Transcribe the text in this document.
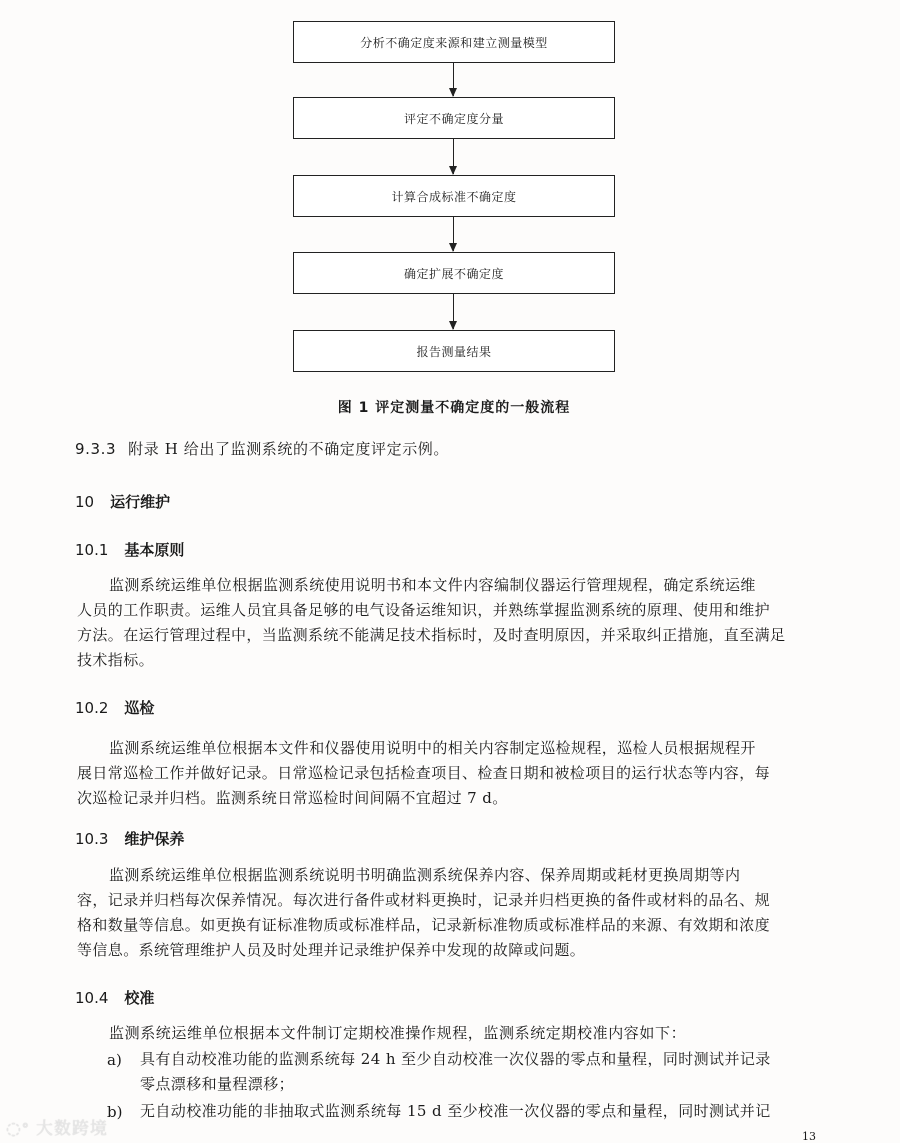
分析不确定度来源和建立测量模型
评定不确定度分量
计算合成标准不确定度
确定扩展不确定度
报告测量结果
图 1 评定测量不确定度的一般流程
9.3.3 附录 H 给出了监测系统的不确定度评定示例。
10 运行维护
10.1 基本原则
监测系统运维单位根据监测系统使用说明书和本文件内容编制仪器运行管理规程，确定系统运维
人员的工作职责。运维人员宜具备足够的电气设备运维知识，并熟练掌握监测系统的原理、使用和维护
方法。在运行管理过程中，当监测系统不能满足技术指标时，及时查明原因，并采取纠正措施，直至满足
技术指标。
10.2 巡检
监测系统运维单位根据本文件和仪器使用说明中的相关内容制定巡检规程，巡检人员根据规程开
展日常巡检工作并做好记录。日常巡检记录包括检查项目、检查日期和被检项目的运行状态等内容，每
次巡检记录并归档。监测系统日常巡检时间间隔不宜超过 7 d。
10.3 维护保养
监测系统运维单位根据监测系统说明书明确监测系统保养内容、保养周期或耗材更换周期等内
容，记录并归档每次保养情况。每次进行备件或材料更换时，记录并归档更换的备件或材料的品名、规
格和数量等信息。如更换有证标准物质或标准样品，记录新标准物质或标准样品的来源、有效期和浓度
等信息。系统管理维护人员及时处理并记录维护保养中发现的故障或问题。
10.4 校准
监测系统运维单位根据本文件制订定期校准操作规程，监测系统定期校准内容如下：
a) 具有自动校准功能的监测系统每 24 h 至少自动校准一次仪器的零点和量程，同时测试并记录
零点漂移和量程漂移；
b) 无自动校准功能的非抽取式监测系统每 15 d 至少校准一次仪器的零点和量程，同时测试并记
◌ᐤ 大数跨境	13
